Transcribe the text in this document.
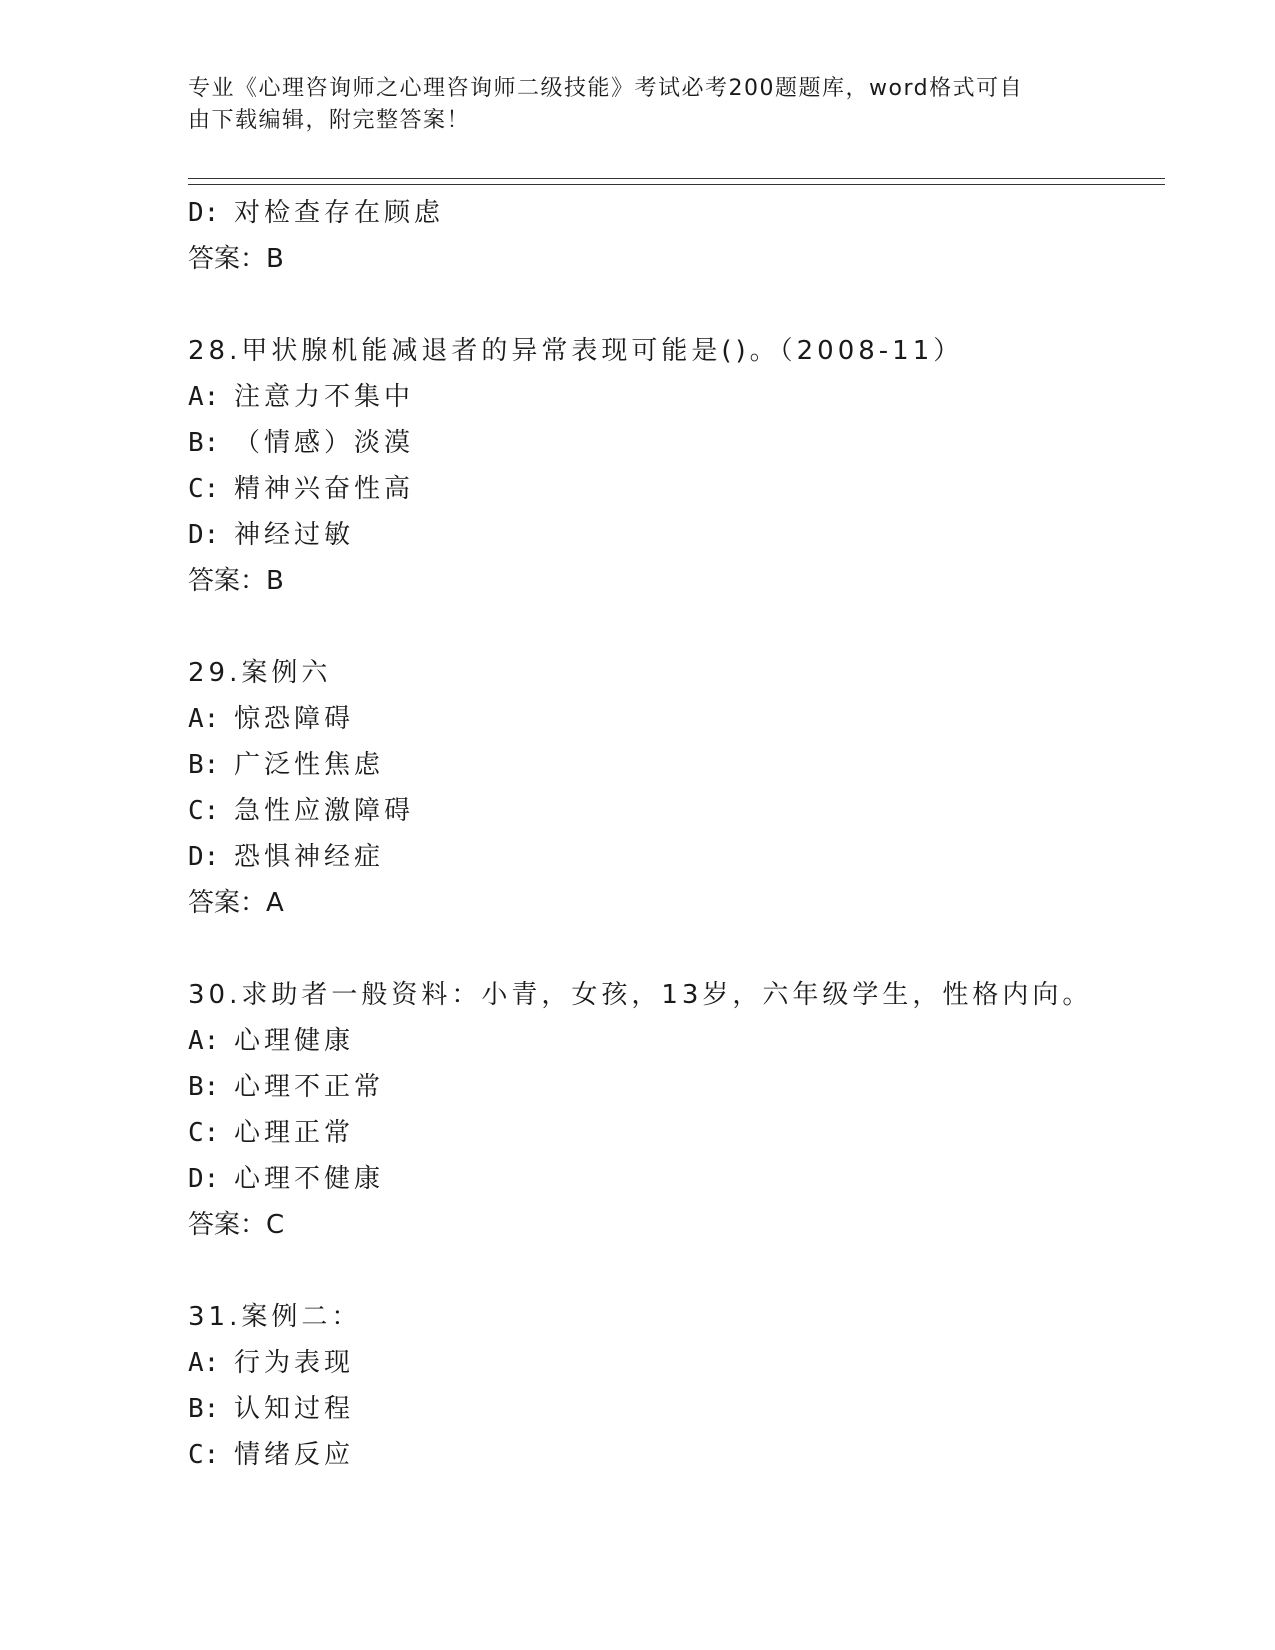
专业《心理咨询师之心理咨询师二级技能》考试必考200题题库，word格式可自
由下载编辑，附完整答案！
D: 对检查存在顾虑
答案：B
28.甲状腺机能减退者的异常表现可能是()。（2008-11）
A: 注意力不集中
B: （情感）淡漠
C: 精神兴奋性高
D: 神经过敏
答案：B
29.案例六
A: 惊恐障碍
B: 广泛性焦虑
C: 急性应激障碍
D: 恐惧神经症
答案：A
30.求助者一般资料：小青，女孩，13岁，六年级学生，性格内向。
A: 心理健康
B: 心理不正常
C: 心理正常
D: 心理不健康
答案：C
31.案例二：
A: 行为表现
B: 认知过程
C: 情绪反应
